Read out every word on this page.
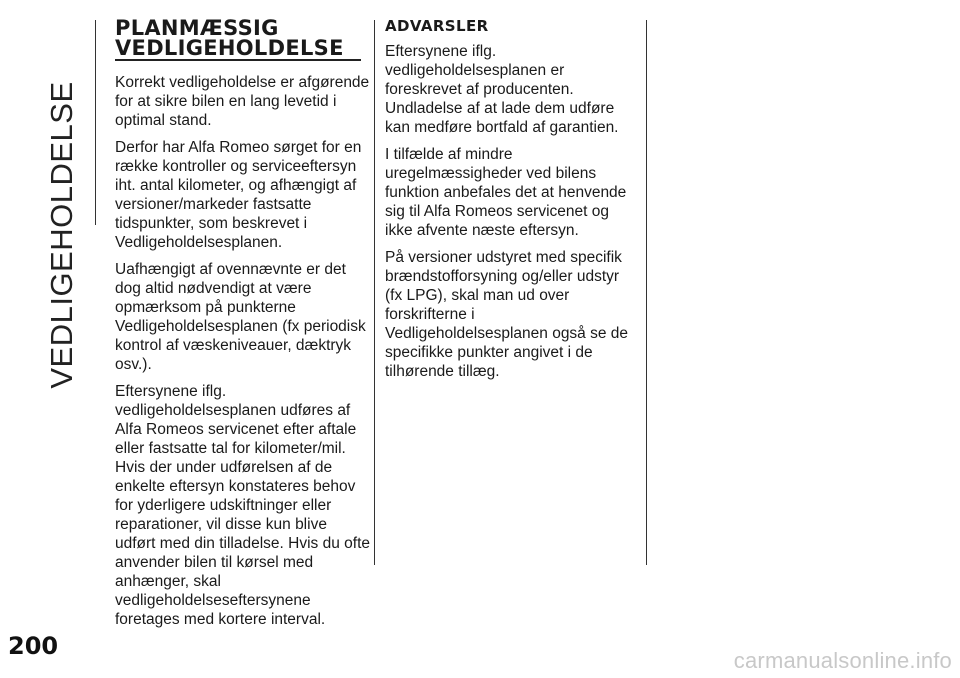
VEDLIGEHOLDELSE
PLANMÆSSIG
VEDLIGEHOLDELSE

Korrekt vedligeholdelse er afgørende for at sikre bilen en lang levetid i optimal stand.

Derfor har Alfa Romeo sørget for en række kontroller og serviceeftersyn iht. antal kilometer, og afhængigt af versioner/markeder fastsatte tidspunkter, som beskrevet i Vedligeholdelsesplanen.

Uafhængigt af ovennævnte er det dog altid nødvendigt at være opmærksom på punkterne Vedligeholdelsesplanen (fx periodisk kontrol af væskeniveauer, dæktryk osv.).

Eftersynene iflg. vedligeholdelsesplanen udføres af Alfa Romeos servicenet efter aftale eller fastsatte tal for kilometer/mil. Hvis der under udførelsen af de enkelte eftersyn konstateres behov for yderligere udskiftninger eller reparationer, vil disse kun blive udført med din tilladelse. Hvis du ofte anvender bilen til kørsel med anhænger, skal vedligeholdelseseftersynene foretages med kortere interval.

ADVARSLER

Eftersynene iflg. vedligeholdelsesplanen er foreskrevet af producenten. Undladelse af at lade dem udføre kan medføre bortfald af garantien.

I tilfælde af mindre uregelmæssigheder ved bilens funktion anbefales det at henvende sig til Alfa Romeos servicenet og ikke afvente næste eftersyn.

På versioner udstyret med specifik brændstofforsyning og/eller udstyr (fx LPG), skal man ud over forskrifterne i Vedligeholdelsesplanen også se de specifikke punkter angivet i de tilhørende tillæg.

200
carmanualsonline.info
